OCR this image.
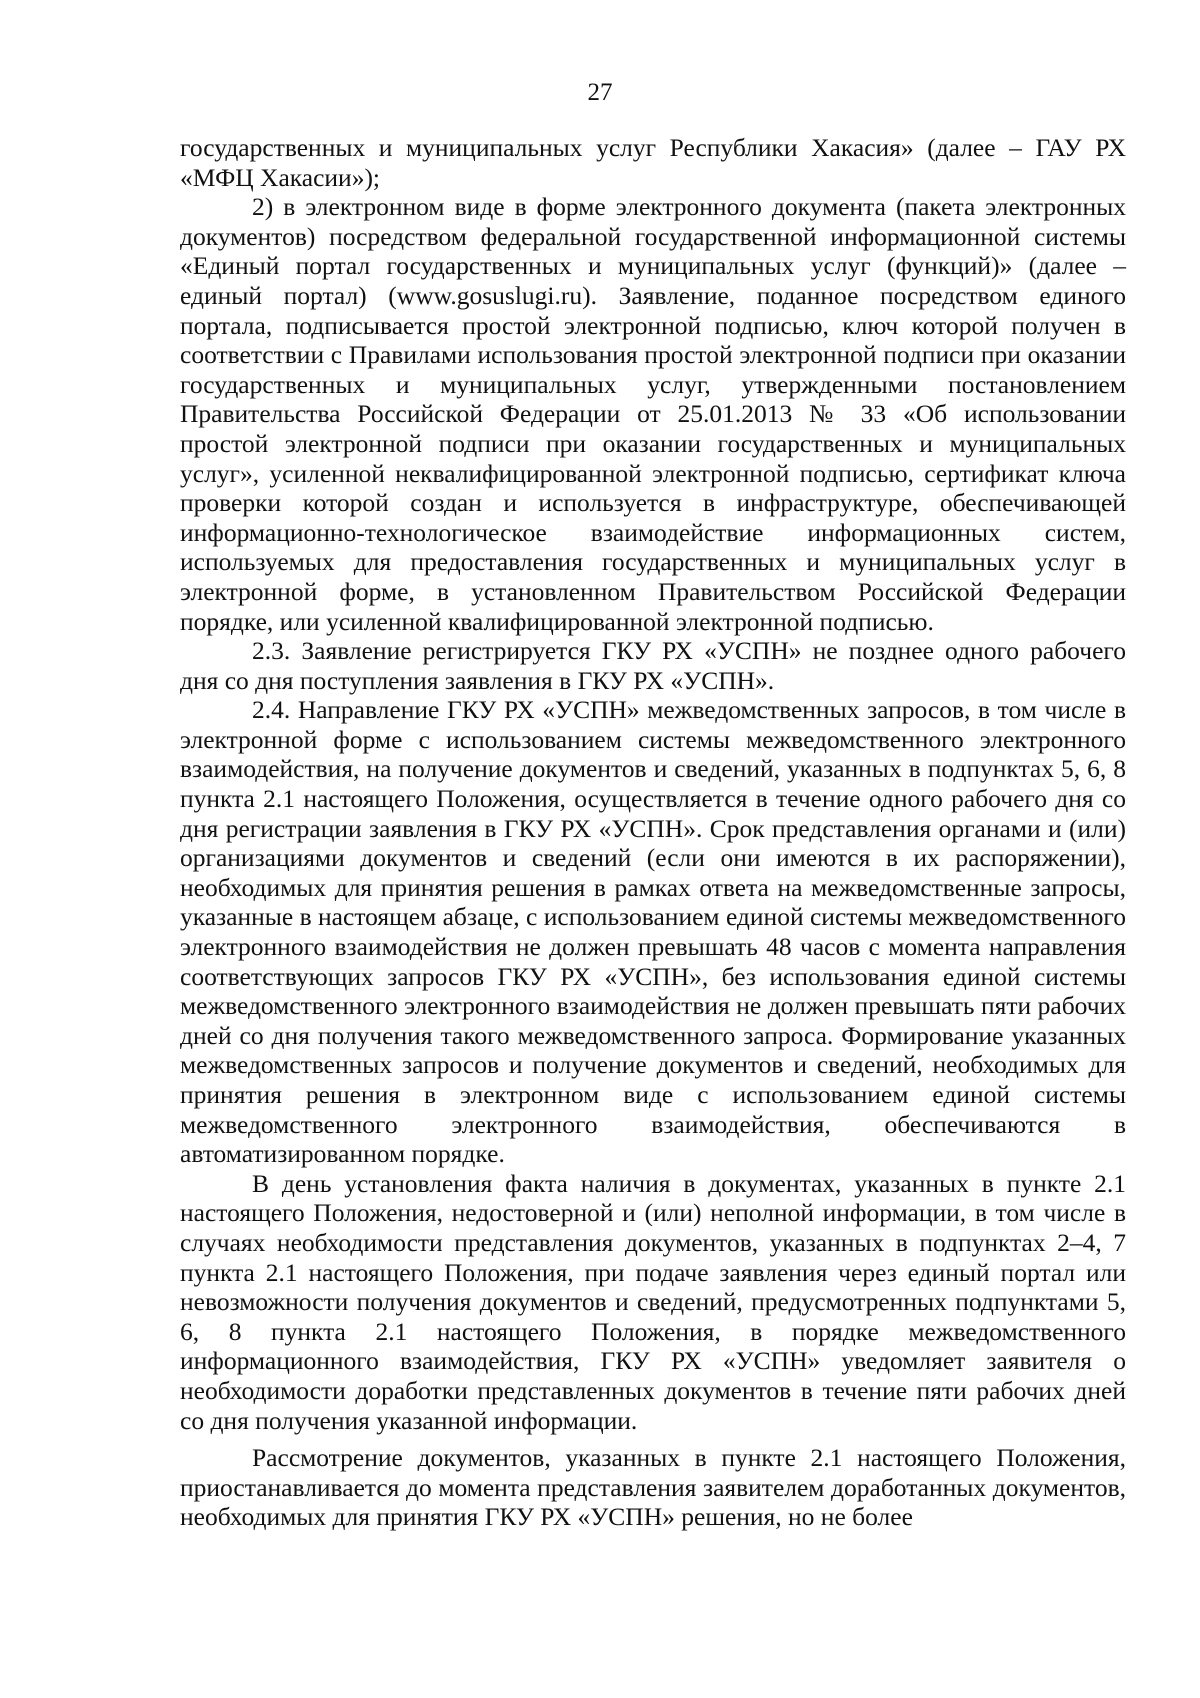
27

государственных и муниципальных услуг Республики Хакасия» (далее – ГАУ РХ «МФЦ Хакасии»);

2) в электронном виде в форме электронного документа (пакета электронных документов) посредством федеральной государственной информационной системы «Единый портал государственных и муниципальных услуг (функций)» (далее – единый портал) (www.gosuslugi.ru). Заявление, поданное посредством единого портала, подписывается простой электронной подписью, ключ которой получен в соответствии с Правилами использования простой электронной подписи при оказании государственных и муниципальных услуг, утвержденными постановлением Правительства Российской Федерации от 25.01.2013 № 33 «Об использовании простой электронной подписи при оказании государственных и муниципальных услуг», усиленной неквалифицированной электронной подписью, сертификат ключа проверки которой создан и используется в инфраструктуре, обеспечивающей информационно-технологическое взаимодействие информационных систем, используемых для предоставления государственных и муниципальных услуг в электронной форме, в установленном Правительством Российской Федерации порядке, или усиленной квалифицированной электронной подписью.

2.3. Заявление регистрируется ГКУ РХ «УСПН» не позднее одного рабочего дня со дня поступления заявления в ГКУ РХ «УСПН».

2.4. Направление ГКУ РХ «УСПН» межведомственных запросов, в том числе в электронной форме с использованием системы межведомственного электронного взаимодействия, на получение документов и сведений, указанных в подпунктах 5, 6, 8 пункта 2.1 настоящего Положения, осуществляется в течение одного рабочего дня со дня регистрации заявления в ГКУ РХ «УСПН». Срок представления органами и (или) организациями документов и сведений (если они имеются в их распоряжении), необходимых для принятия решения в рамках ответа на межведомственные запросы, указанные в настоящем абзаце, с использованием единой системы межведомственного электронного взаимодействия не должен превышать 48 часов с момента направления соответствующих запросов ГКУ РХ «УСПН», без использования единой системы межведомственного электронного взаимодействия не должен превышать пяти рабочих дней со дня получения такого межведомственного запроса. Формирование указанных межведомственных запросов и получение документов и сведений, необходимых для принятия решения в электронном виде с использованием единой системы межведомственного электронного взаимодействия, обеспечиваются в автоматизированном порядке.

В день установления факта наличия в документах, указанных в пункте 2.1 настоящего Положения, недостоверной и (или) неполной информации, в том числе в случаях необходимости представления документов, указанных в подпунктах 2–4, 7 пункта 2.1 настоящего Положения, при подаче заявления через единый портал или невозможности получения документов и сведений, предусмотренных подпунктами 5, 6, 8 пункта 2.1 настоящего Положения, в порядке межведомственного информационного взаимодействия, ГКУ РХ «УСПН» уведомляет заявителя о необходимости доработки представленных документов в течение пяти рабочих дней со дня получения указанной информации.

Рассмотрение документов, указанных в пункте 2.1 настоящего Положения, приостанавливается до момента представления заявителем доработанных документов, необходимых для принятия ГКУ РХ «УСПН» решения, но не более
